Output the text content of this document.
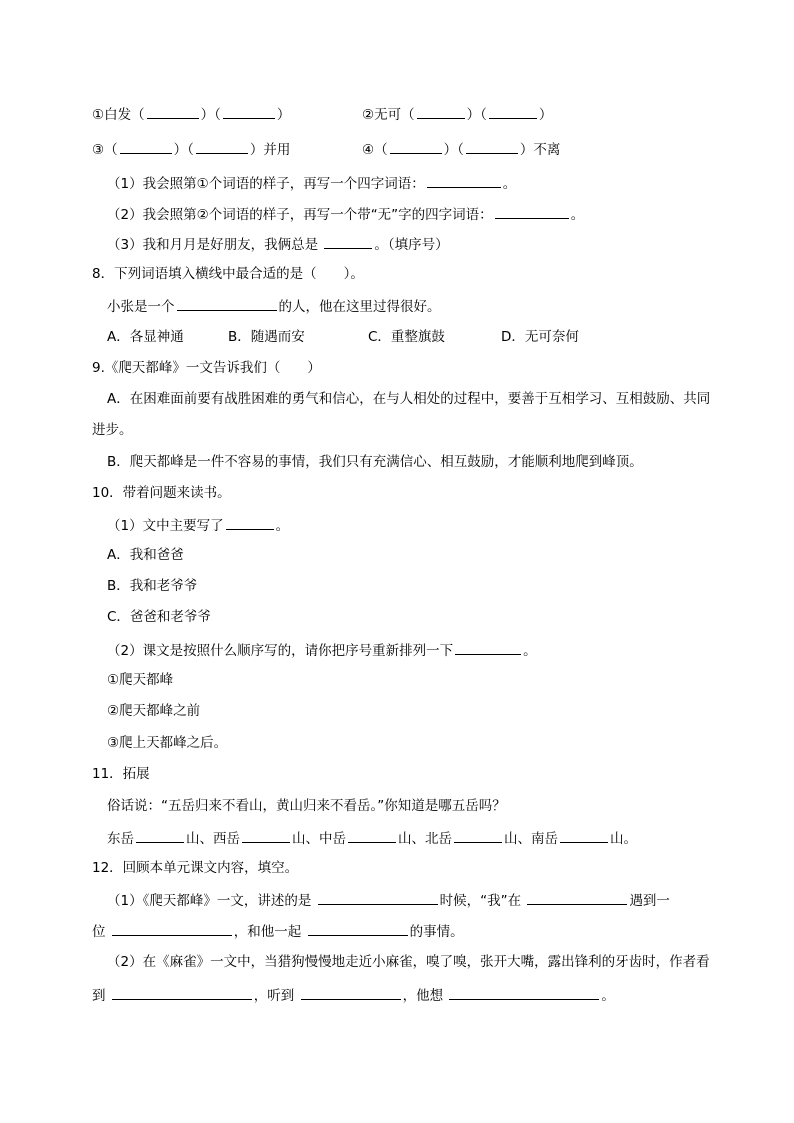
①白发（	）（	）	②无可（	）（	）
③（	）（	）并用	④（	）（	）不离
（1）我会照第①个词语的样子，再写一个四字词语：	。
（2）我会照第②个词语的样子，再写一个带“无”字的四字词语：	。
（3）我和月月是好朋友，我俩总是	。（填序号）
8．下列词语填入横线中最合适的是（　　）。
小张是一个	的人，他在这里过得很好。
A．各显神通	B．随遇而安	C．重整旗鼓	D．无可奈何
9.《爬天都峰》一文告诉我们（　　）
A．在困难面前要有战胜困难的勇气和信心，在与人相处的过程中，要善于互相学习、互相鼓励、共同
进步。
B．爬天都峰是一件不容易的事情，我们只有充满信心、相互鼓励，才能顺利地爬到峰顶。
10．带着问题来读书。
（1）文中主要写了	。
A．我和爸爸
B．我和老爷爷
C．爸爸和老爷爷
（2）课文是按照什么顺序写的，请你把序号重新排列一下	。
①爬天都峰
②爬天都峰之前
③爬上天都峰之后。
11．拓展
俗话说：“五岳归来不看山，黄山归来不看岳。”你知道是哪五岳吗？
东岳	山、西岳	山、中岳	山、北岳	山、南岳	山。
12．回顾本单元课文内容，填空。
（1）《爬天都峰》一文，讲述的是	时候，“我”在	遇到一
位	，和他一起	的事情。
（2）在《麻雀》一文中，当猎狗慢慢地走近小麻雀，嗅了嗅，张开大嘴，露出锋利的牙齿时，作者看
到	，听到	，他想	。
